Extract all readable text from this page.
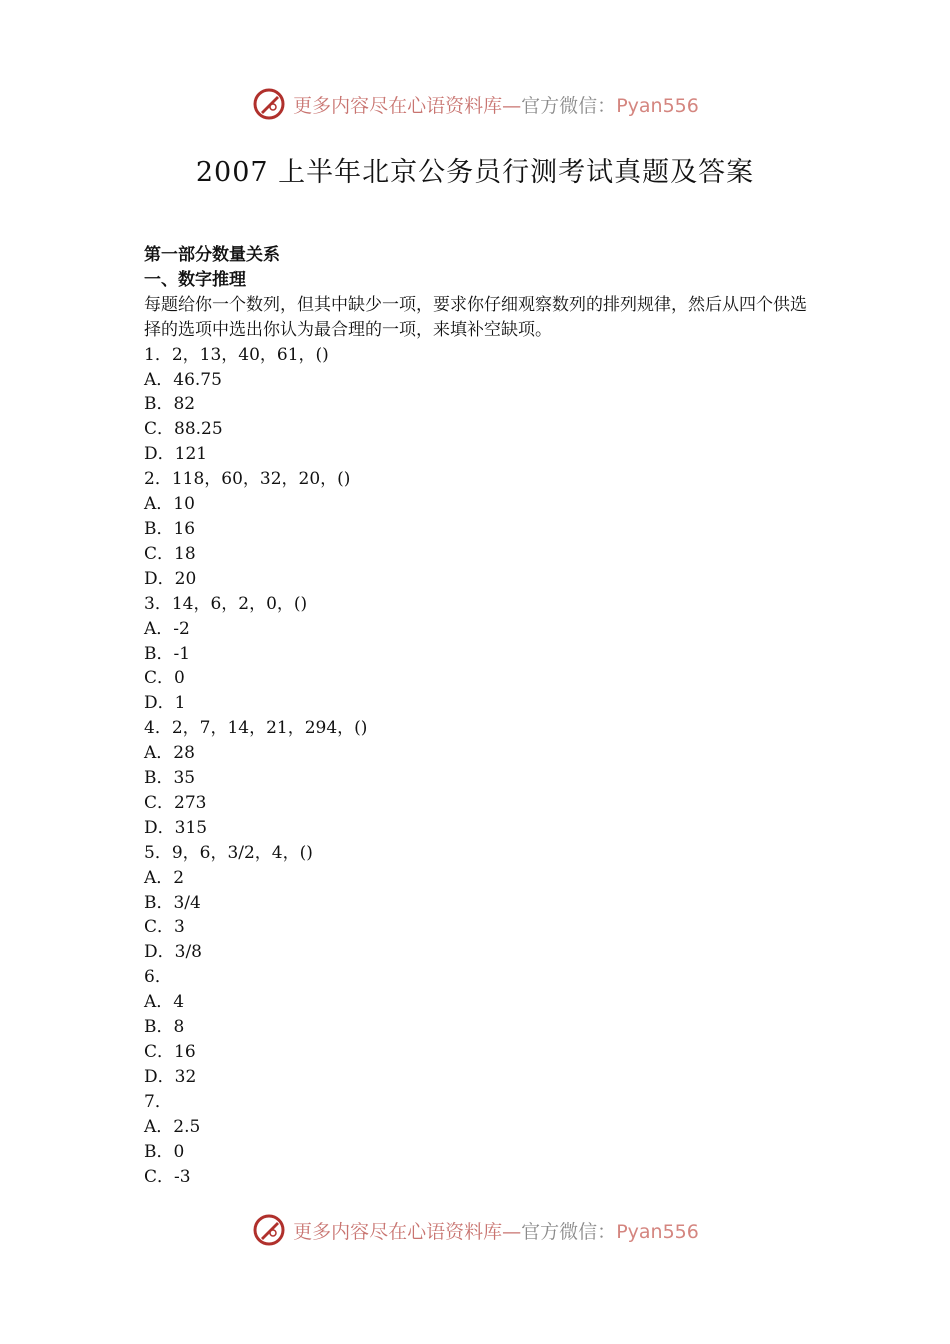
更多内容尽在心语资料库—官方微信：Pyan556
2007 上半年北京公务员行测考试真题及答案

第一部分数量关系

一、数字推理

每题给你一个数列，但其中缺少一项，要求你仔细观察数列的排列规律，然后从四个供选择的选项中选出你认为最合理的一项，来填补空缺项。

1．2，13，40，61，()

A．46.75

B．82

C．88.25

D．121

2．118，60，32，20，()

A．10

B．16

C．18

D．20

3．14，6，2，0，()

A．-2

B．-1

C．0

D．1

4．2，7，14，21，294，()

A．28

B．35

C．273

D．315

5．9，6，3/2，4，()

A．2

B．3/4

C．3

D．3/8

6．

A．4

B．8

C．16

D．32

7．

A．2.5

B．0

C．-3

更多内容尽在心语资料库—官方微信：Pyan556
